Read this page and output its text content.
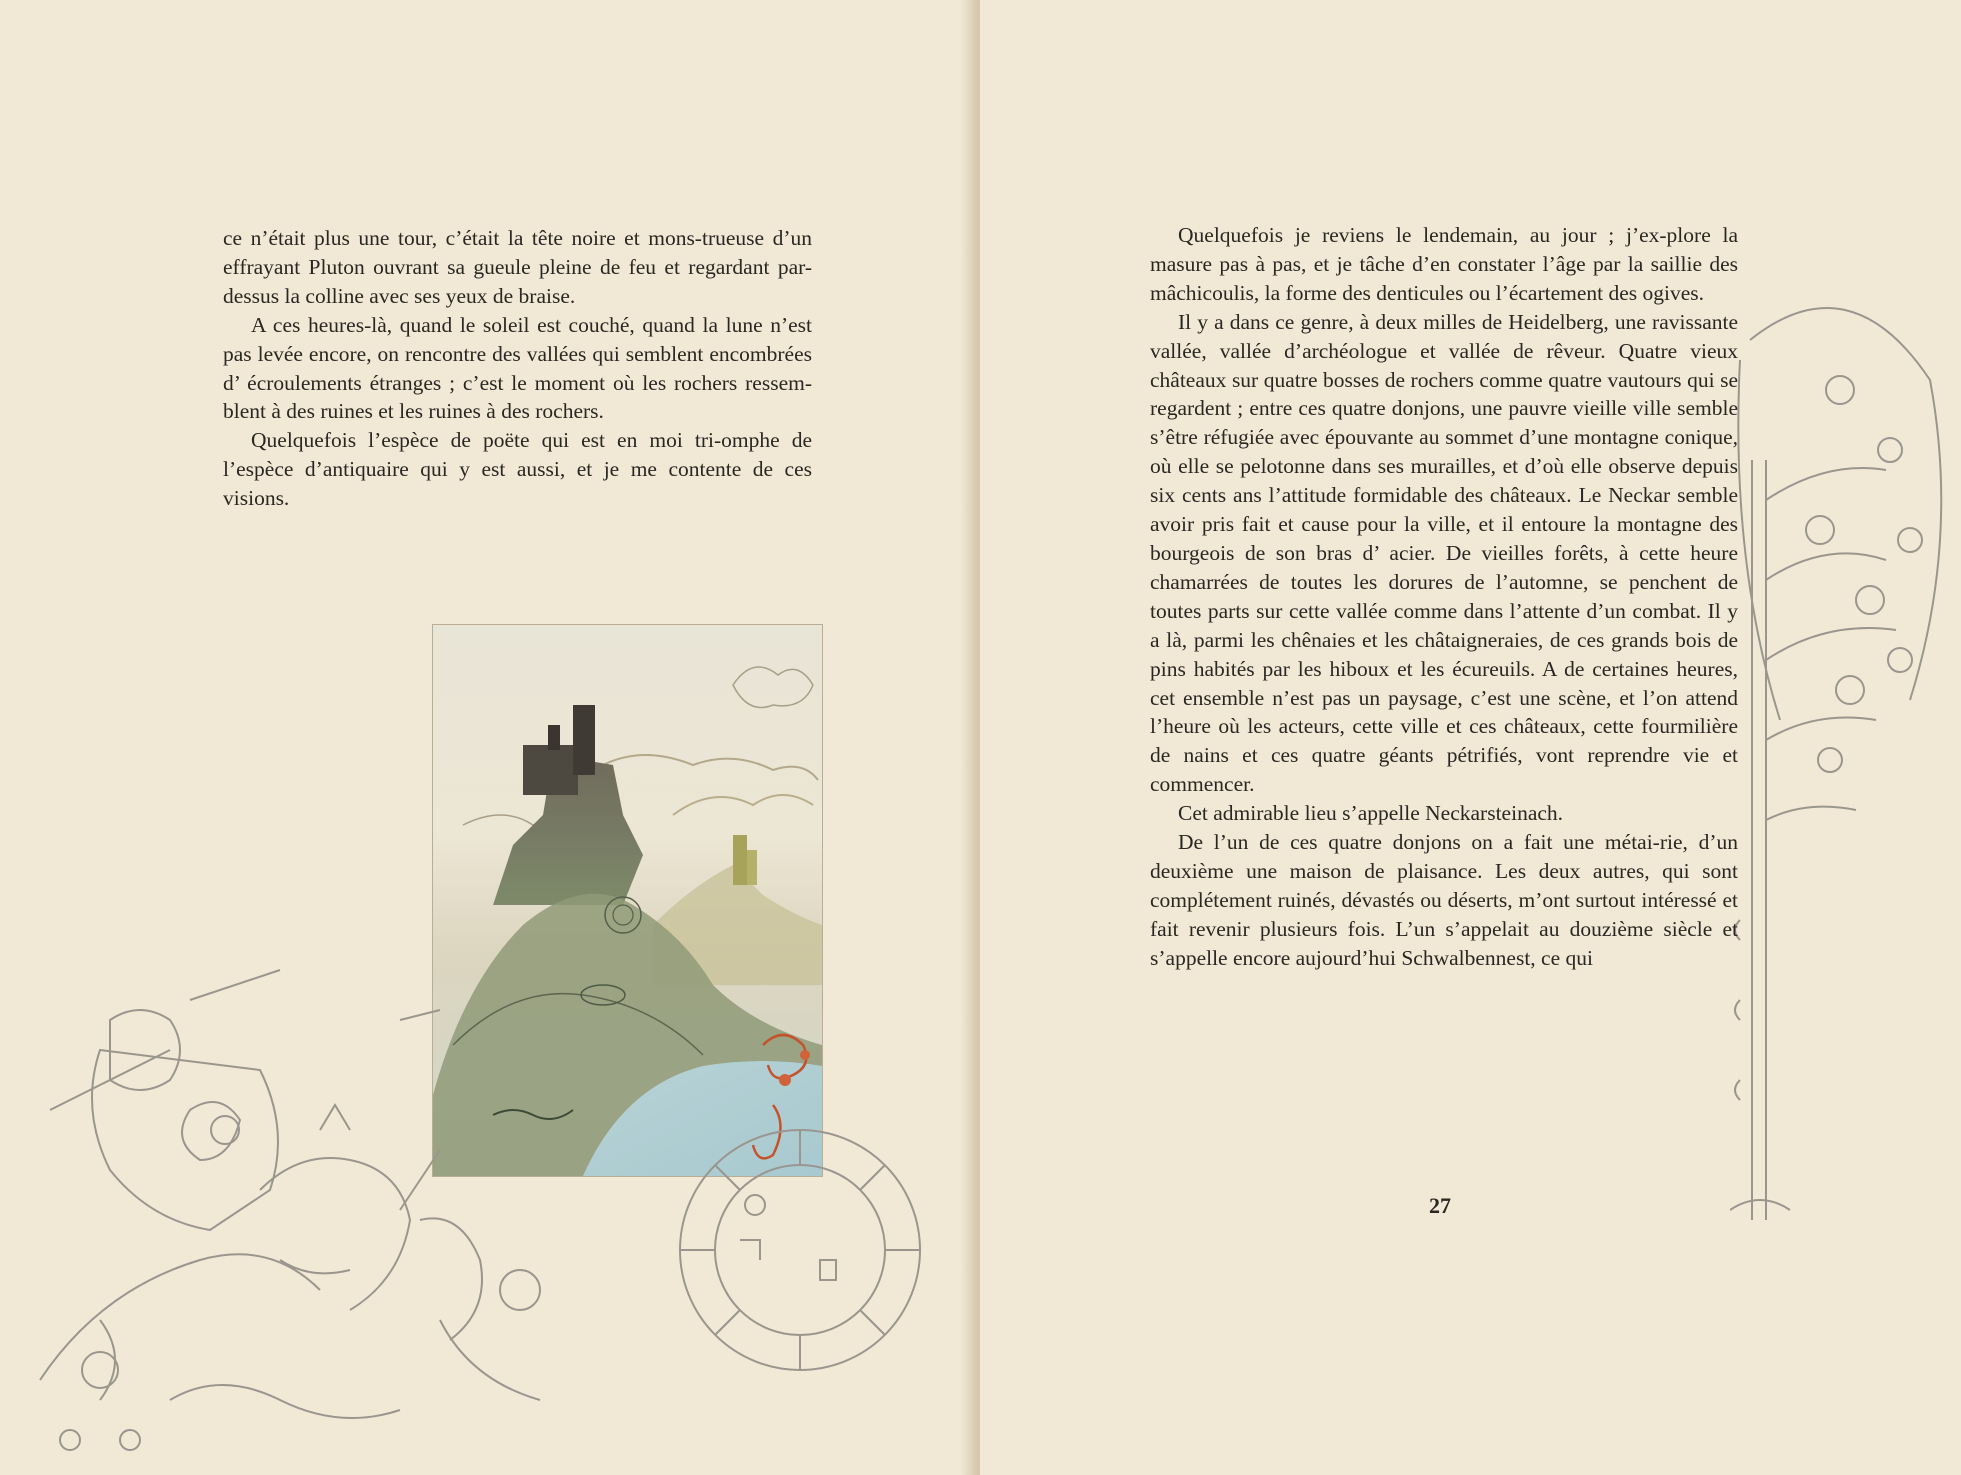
ce n’était plus une tour, c’était la tête noire et mons-trueuse d’un effrayant Pluton ouvrant sa gueule pleine de feu et regardant par-dessus la colline avec ses yeux de braise.

A ces heures-là, quand le soleil est couché, quand la lune n’est pas levée encore, on rencontre des vallées qui semblent encombrées d’ écroulements étranges ; c’est le moment où les rochers ressem-blent à des ruines et les ruines à des rochers.

Quelquefois l’espèce de poëte qui est en moi tri-omphe de l’espèce d’antiquaire qui y est aussi, et je me contente de ces visions.

Quelquefois je reviens le lendemain, au jour ; j’ex-plore la masure pas à pas, et je tâche d’en constater l’âge par la saillie des mâchicoulis, la forme des denticules ou l’écartement des ogives.

Il y a dans ce genre, à deux milles de Heidelberg, une ravissante vallée, vallée d’archéologue et vallée de rêveur. Quatre vieux châteaux sur quatre bosses de rochers comme quatre vautours qui se regardent ; entre ces quatre donjons, une pauvre vieille ville semble s’être réfugiée avec épouvante au sommet d’une montagne conique, où elle se pelotonne dans ses murailles, et d’où elle observe depuis six cents ans l’attitude formidable des châteaux. Le Neckar semble avoir pris fait et cause pour la ville, et il entoure la montagne des bourgeois de son bras d’ acier. De vieilles forêts, à cette heure chamarrées de toutes les dorures de l’automne, se penchent de toutes parts sur cette vallée comme dans l’attente d’un combat. Il y a là, parmi les chênaies et les châtaigneraies, de ces grands bois de pins habités par les hiboux et les écureuils. A de certaines heures, cet ensemble n’est pas un paysage, c’est une scène, et l’on attend l’heure où les acteurs, cette ville et ces châteaux, cette fourmilière de nains et ces quatre géants pétrifiés, vont reprendre vie et commencer.

Cet admirable lieu s’appelle Neckarsteinach.

De l’un de ces quatre donjons on a fait une métai-rie, d’un deuxième une maison de plaisance. Les deux autres, qui sont complétement ruinés, dévastés ou déserts, m’ont surtout intéressé et fait revenir plusieurs fois. L’un s’appelait au douzième siècle et s’appelle encore aujourd’hui Schwalbennest, ce qui

27
